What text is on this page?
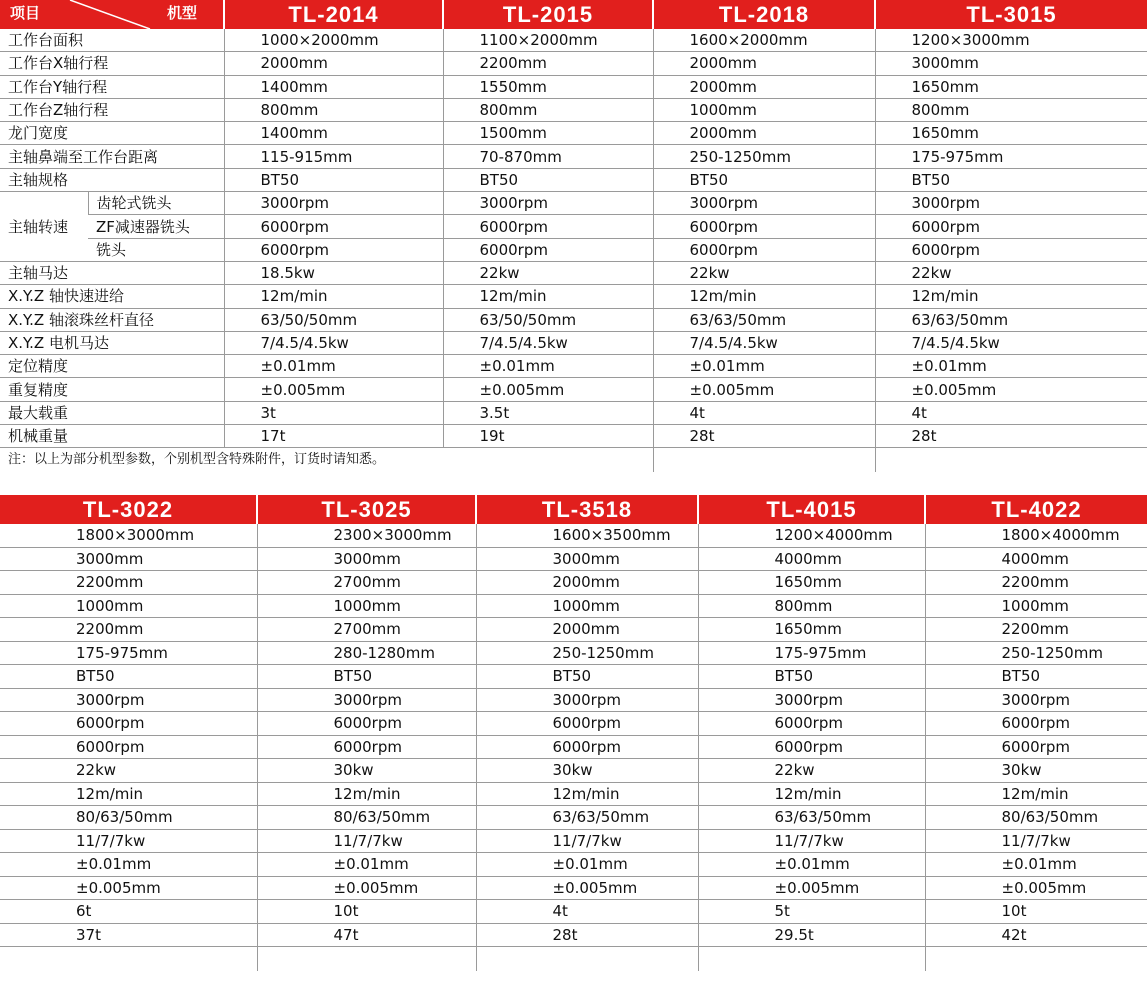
项目 机型		TL-2014	TL-2015	TL-2018	TL-3015
工作台面积		1000×2000mm	1100×2000mm	1600×2000mm	1200×3000mm
工作台X轴行程		2000mm	2200mm	2000mm	3000mm
工作台Y轴行程		1400mm	1550mm	2000mm	1650mm
工作台Z轴行程		800mm	800mm	1000mm	800mm
龙门宽度		1400mm	1500mm	2000mm	1650mm
主轴鼻端至工作台距离		115-915mm	70-870mm	250-1250mm	175-975mm
主轴规格		BT50	BT50	BT50	BT50
主轴转速	齿轮式铣头	3000rpm	3000rpm	3000rpm	3000rpm
	ZF减速器铣头	6000rpm	6000rpm	6000rpm	6000rpm
	铣头	6000rpm	6000rpm	6000rpm	6000rpm
主轴马达		18.5kw	22kw	22kw	22kw
X.Y.Z 轴快速进给		12m/min	12m/min	12m/min	12m/min
X.Y.Z 轴滚珠丝杆直径		63/50/50mm	63/50/50mm	63/63/50mm	63/63/50mm
X.Y.Z 电机马达		7/4.5/4.5kw	7/4.5/4.5kw	7/4.5/4.5kw	7/4.5/4.5kw
定位精度		±0.01mm	±0.01mm	±0.01mm	±0.01mm
重复精度		±0.005mm	±0.005mm	±0.005mm	±0.005mm
最大载重		3t	3.5t	4t	4t
机械重量		17t	19t	28t	28t
注：以上为部分机型参数，个别机型含特殊附件，订货时请知悉。					
TL-3022	TL-3025	TL-3518	TL-4015	TL-4022
1800×3000mm	2300×3000mm	1600×3500mm	1200×4000mm	1800×4000mm
3000mm	3000mm	3000mm	4000mm	4000mm
2200mm	2700mm	2000mm	1650mm	2200mm
1000mm	1000mm	1000mm	800mm	1000mm
2200mm	2700mm	2000mm	1650mm	2200mm
175-975mm	280-1280mm	250-1250mm	175-975mm	250-1250mm
BT50	BT50	BT50	BT50	BT50
3000rpm	3000rpm	3000rpm	3000rpm	3000rpm
6000rpm	6000rpm	6000rpm	6000rpm	6000rpm
6000rpm	6000rpm	6000rpm	6000rpm	6000rpm
22kw	30kw	30kw	22kw	30kw
12m/min	12m/min	12m/min	12m/min	12m/min
80/63/50mm	80/63/50mm	63/63/50mm	63/63/50mm	80/63/50mm
11/7/7kw	11/7/7kw	11/7/7kw	11/7/7kw	11/7/7kw
±0.01mm	±0.01mm	±0.01mm	±0.01mm	±0.01mm
±0.005mm	±0.005mm	±0.005mm	±0.005mm	±0.005mm
6t	10t	4t	5t	10t
37t	47t	28t	29.5t	42t
